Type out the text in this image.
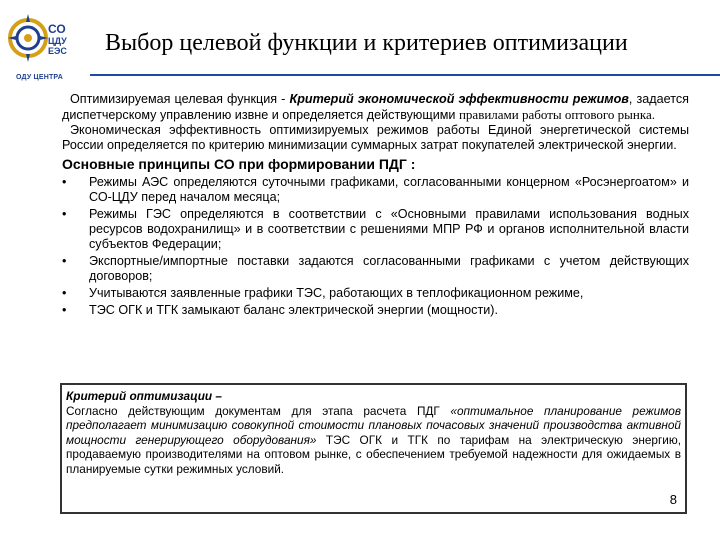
СО
ЦДУ
ЕЭС
ОДУ ЦЕНТРА
Выбор целевой функции и критериев оптимизации

Оптимизируемая целевая функция - Критерий экономической эффективности режимов, задается диспетчерскому управлению извне и определяется действующими правилами работы оптового рынка.

Экономическая эффективность оптимизируемых режимов работы Единой энергетической системы России определяется по критерию минимизации суммарных затрат покупателей электрической энергии.

Основные принципы СО при формировании ПДГ :
• Режимы АЭС определяются суточными графиками, согласованными концерном «Росэнергоатом» и СО-ЦДУ перед началом месяца;
• Режимы ГЭС определяются в соответствии с «Основными правилами использования водных ресурсов водохранилищ» и в соответствии с решениями МПР РФ и органов исполнительной власти субъектов Федерации;
• Экспортные/импортные поставки задаются согласованными графиками с учетом действующих договоров;
• Учитываются заявленные графики ТЭС, работающих в теплофикационном режиме,
• ТЭС ОГК и ТГК замыкают баланс электрической энергии (мощности).
Критерий оптимизации –

Согласно действующим документам для этапа расчета ПДГ «оптимальное планирование режимов предполагает минимизацию совокупной стоимости плановых почасовых значений производства активной мощности генерирующего оборудования» ТЭС ОГК и ТГК по тарифам на электрическую энергию, продаваемую производителями на оптовом рынке, с обеспечением требуемой надежности для ожидаемых в планируемые сутки режимных условий.

8
